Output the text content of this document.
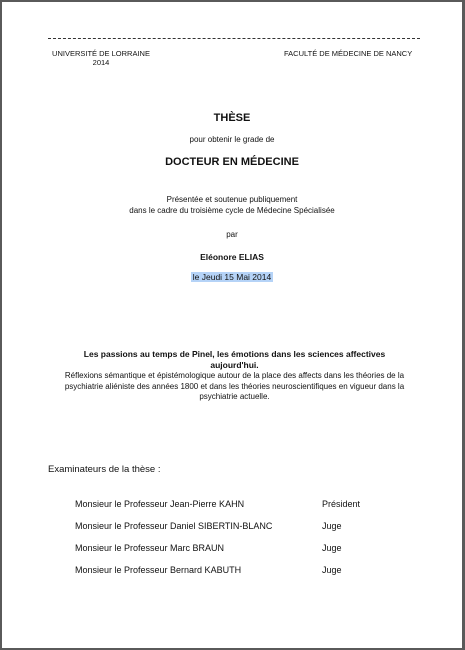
UNIVERSITÉ DE LORRAINE
2014
FACULTÉ DE MÉDECINE DE NANCY
THÈSE
pour obtenir le grade de
DOCTEUR EN MÉDECINE
Présentée et soutenue publiquement
dans le cadre du troisième cycle de Médecine Spécialisée
par
Eléonore ELIAS
le Jeudi 15 Mai 2014
Les passions au temps de Pinel, les émotions dans les sciences affectives aujourd'hui.
Réflexions sémantique et épistémologique autour de la place des affects dans les théories de la psychiatrie aliéniste des années 1800 et dans les théories neuroscientifiques en vigueur dans la psychiatrie actuelle.
Examinateurs de la thèse :
Monsieur le Professeur Jean-Pierre KAHN	Président
Monsieur le Professeur Daniel SIBERTIN-BLANC	Juge
Monsieur le Professeur Marc BRAUN	Juge
Monsieur le Professeur Bernard KABUTH	Juge
